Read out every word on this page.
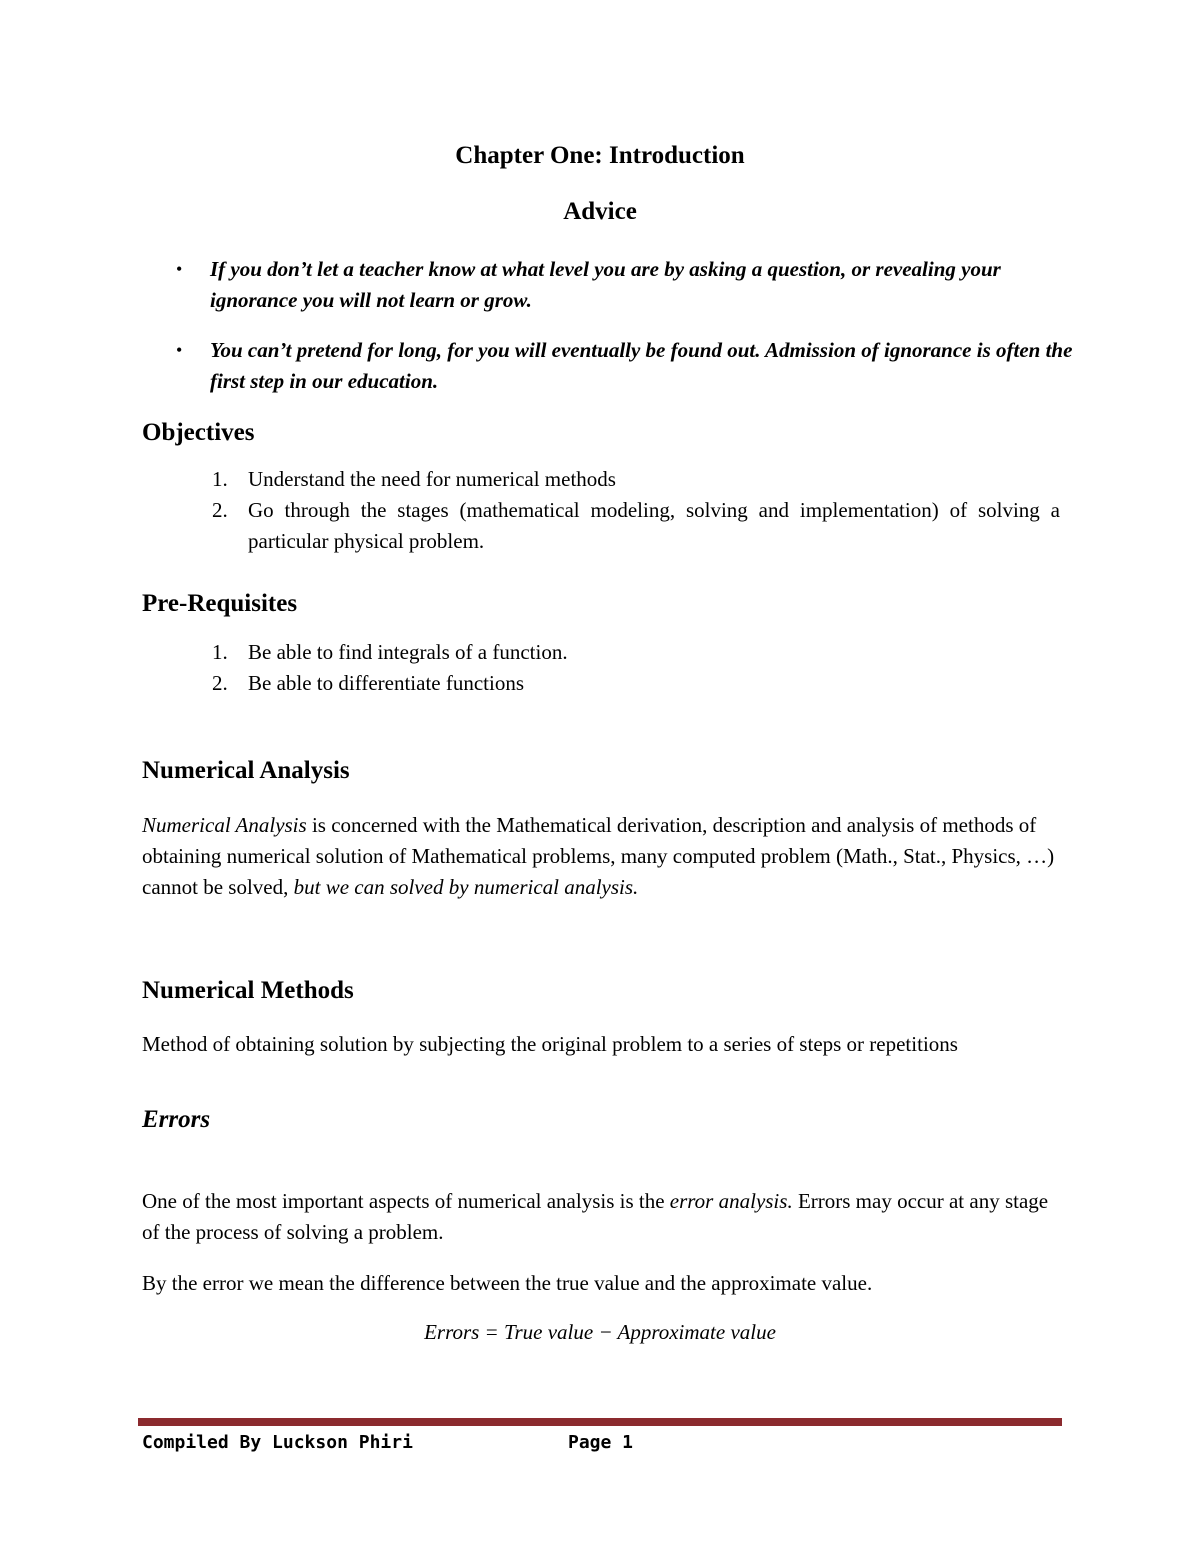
Chapter One: Introduction
Advice
• If you don’t let a teacher know at what level you are by asking a question, or revealing your ignorance you will not learn or grow.
• You can’t pretend for long, for you will eventually be found out. Admission of ignorance is often the first step in our education.
Objectives
1. Understand the need for numerical methods
2. Go through the stages (mathematical modeling, solving and implementation) of solving a particular physical problem.
Pre-Requisites
1. Be able to find integrals of a function.
2. Be able to differentiate functions
Numerical Analysis

Numerical Analysis is concerned with the Mathematical derivation, description and analysis of methods of obtaining numerical solution of Mathematical problems, many computed problem (Math., Stat., Physics, …) cannot be solved, but we can solved by numerical analysis.

Numerical Methods

Method of obtaining solution by subjecting the original problem to a series of steps or repetitions

Errors

One of the most important aspects of numerical analysis is the error analysis. Errors may occur at any stage of the process of solving a problem.

By the error we mean the difference between the true value and the approximate value.

Errors = True value − Approximate value
Compiled By Luckson Phiri	Page 1
